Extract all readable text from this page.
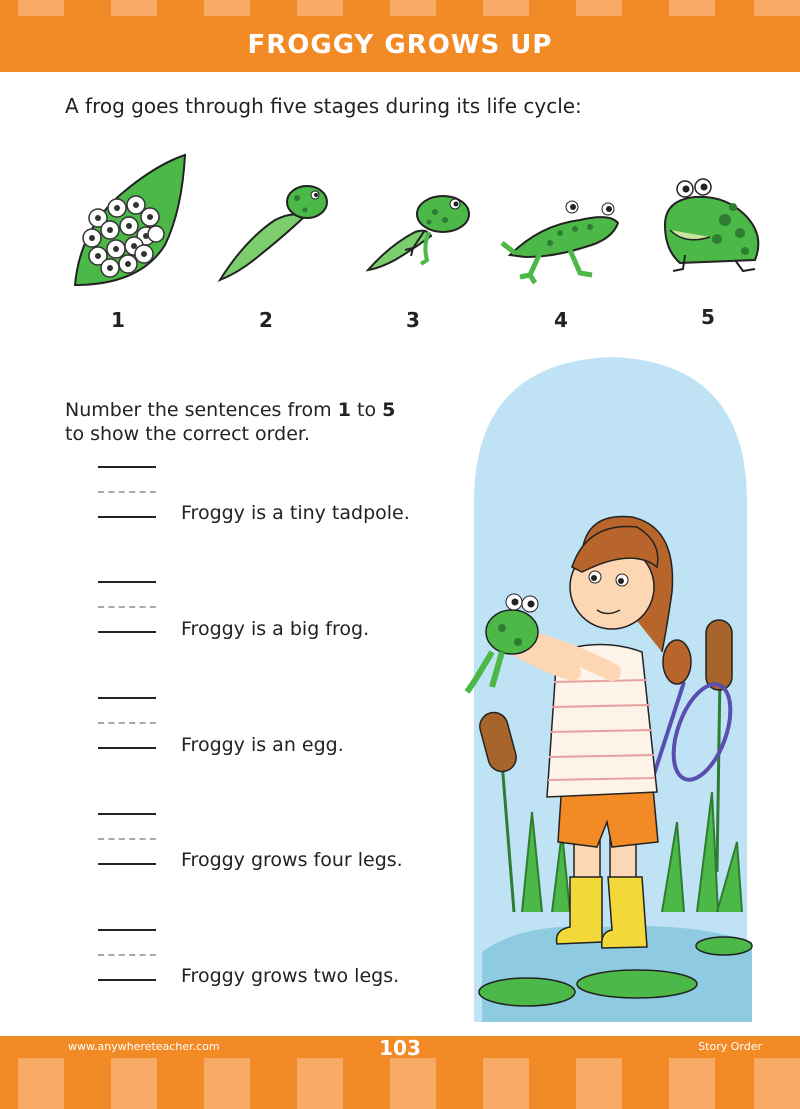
FROGGY GROWS UP
A frog goes through five stages during its life cycle:
1	2	3	4	5
Number the sentences from 1 to 5
to show the correct order.
Froggy is a tiny tadpole.
Froggy is a big frog.
Froggy is an egg.
Froggy grows four legs.
Froggy grows two legs.
www.anywhereteacher.com	103	Story Order
